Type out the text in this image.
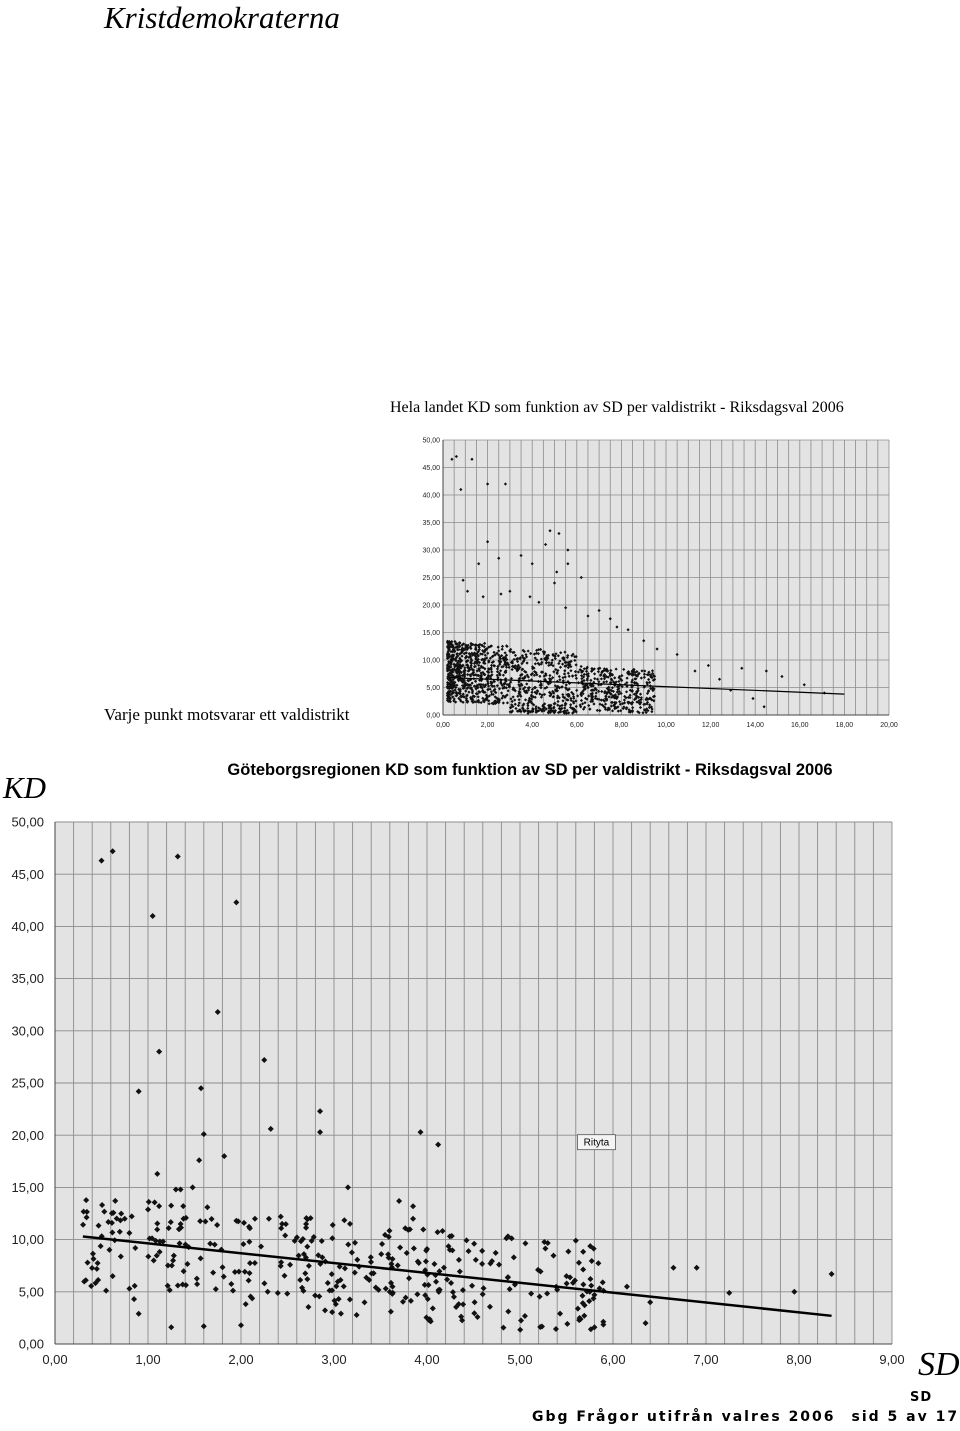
Kristdemokraterna
Hela landet KD som funktion av SD per valdistrikt - Riksdagsval 2006
0,00
5,00
10,00
15,00
20,00
25,00
30,00
35,00
40,00
45,00
50,00
0,00	2,00	4,00	6,00	8,00	10,00	12,00	14,00	16,00	18,00	20,00
Varje punkt motsvarar ett valdistrikt
KD	Göteborgsregionen KD som funktion av SD per valdistrikt - Riksdagsval 2006
0,00
5,00
10,00
15,00
20,00
25,00
30,00
35,00
40,00
45,00
50,00
0,00	1,00	2,00	3,00	4,00	5,00	6,00	7,00	8,00	9,00
Rityta
SD
SD
Gbg Frågor utifrån valres 2006 sid 5 av 17
